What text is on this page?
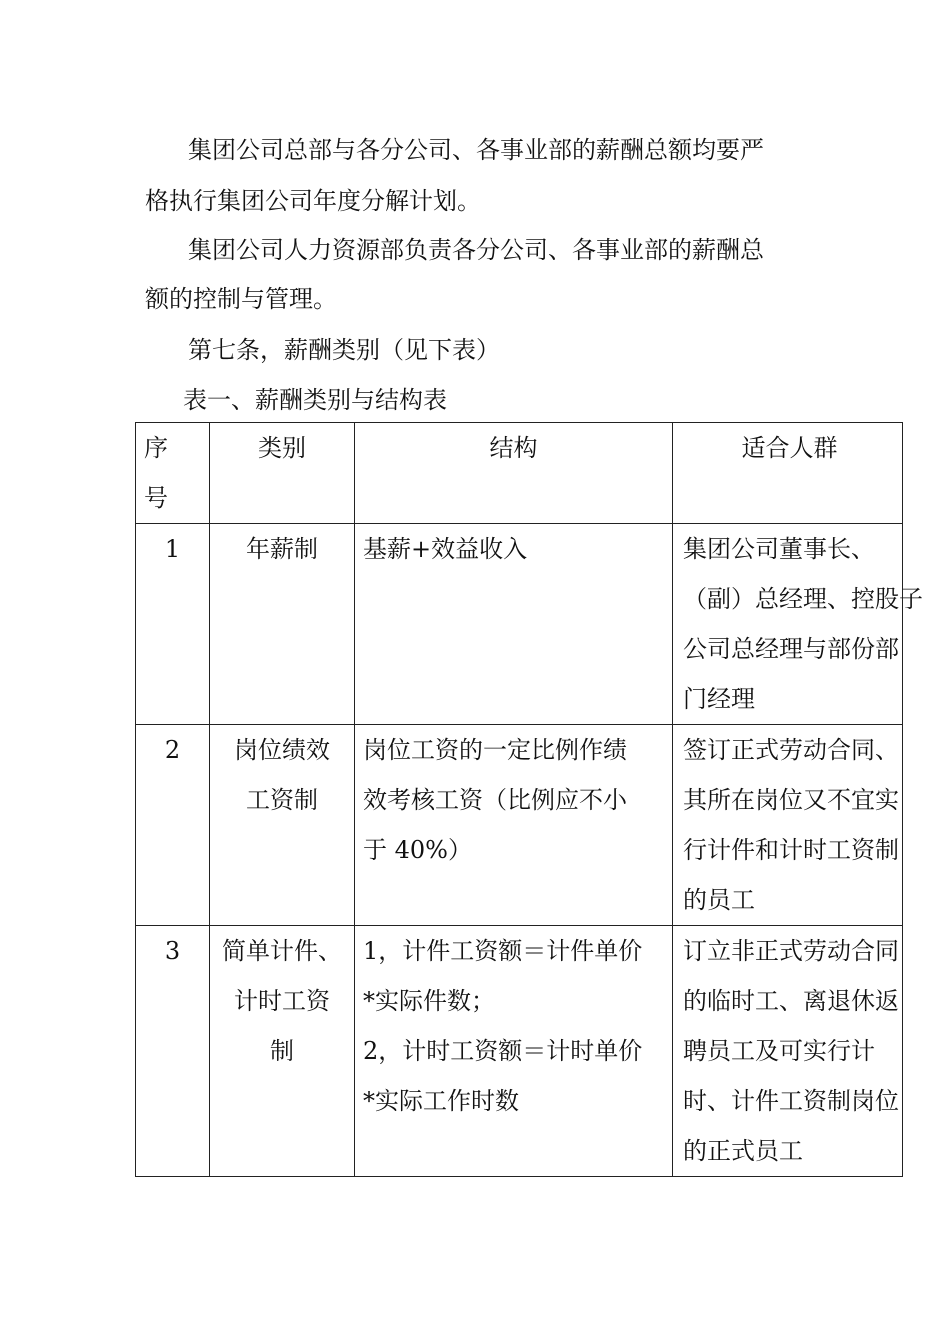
集团公司总部与各分公司、各事业部的薪酬总额均要严
格执行集团公司年度分解计划。
集团公司人力资源部负责各分公司、各事业部的薪酬总
额的控制与管理。
第七条，薪酬类别（见下表）
表一、薪酬类别与结构表
序
号	类别	结构	适合人群

1	年薪制	基薪+效益收入	集团公司董事长、
（副）总经理、控股子
公司总经理与部份部
门经理

2	岗位绩效
工资制	岗位工资的一定比例作绩
效考核工资（比例应不小
于 40%）	签订正式劳动合同、
其所在岗位又不宜实
行计件和计时工资制
的员工

3	简单计件、
计时工资
制	1，计件工资额＝计件单价
*实际件数；
2，计时工资额＝计时单价
*实际工作时数	订立非正式劳动合同
的临时工、离退休返
聘员工及可实行计
时、计件工资制岗位
的正式员工
